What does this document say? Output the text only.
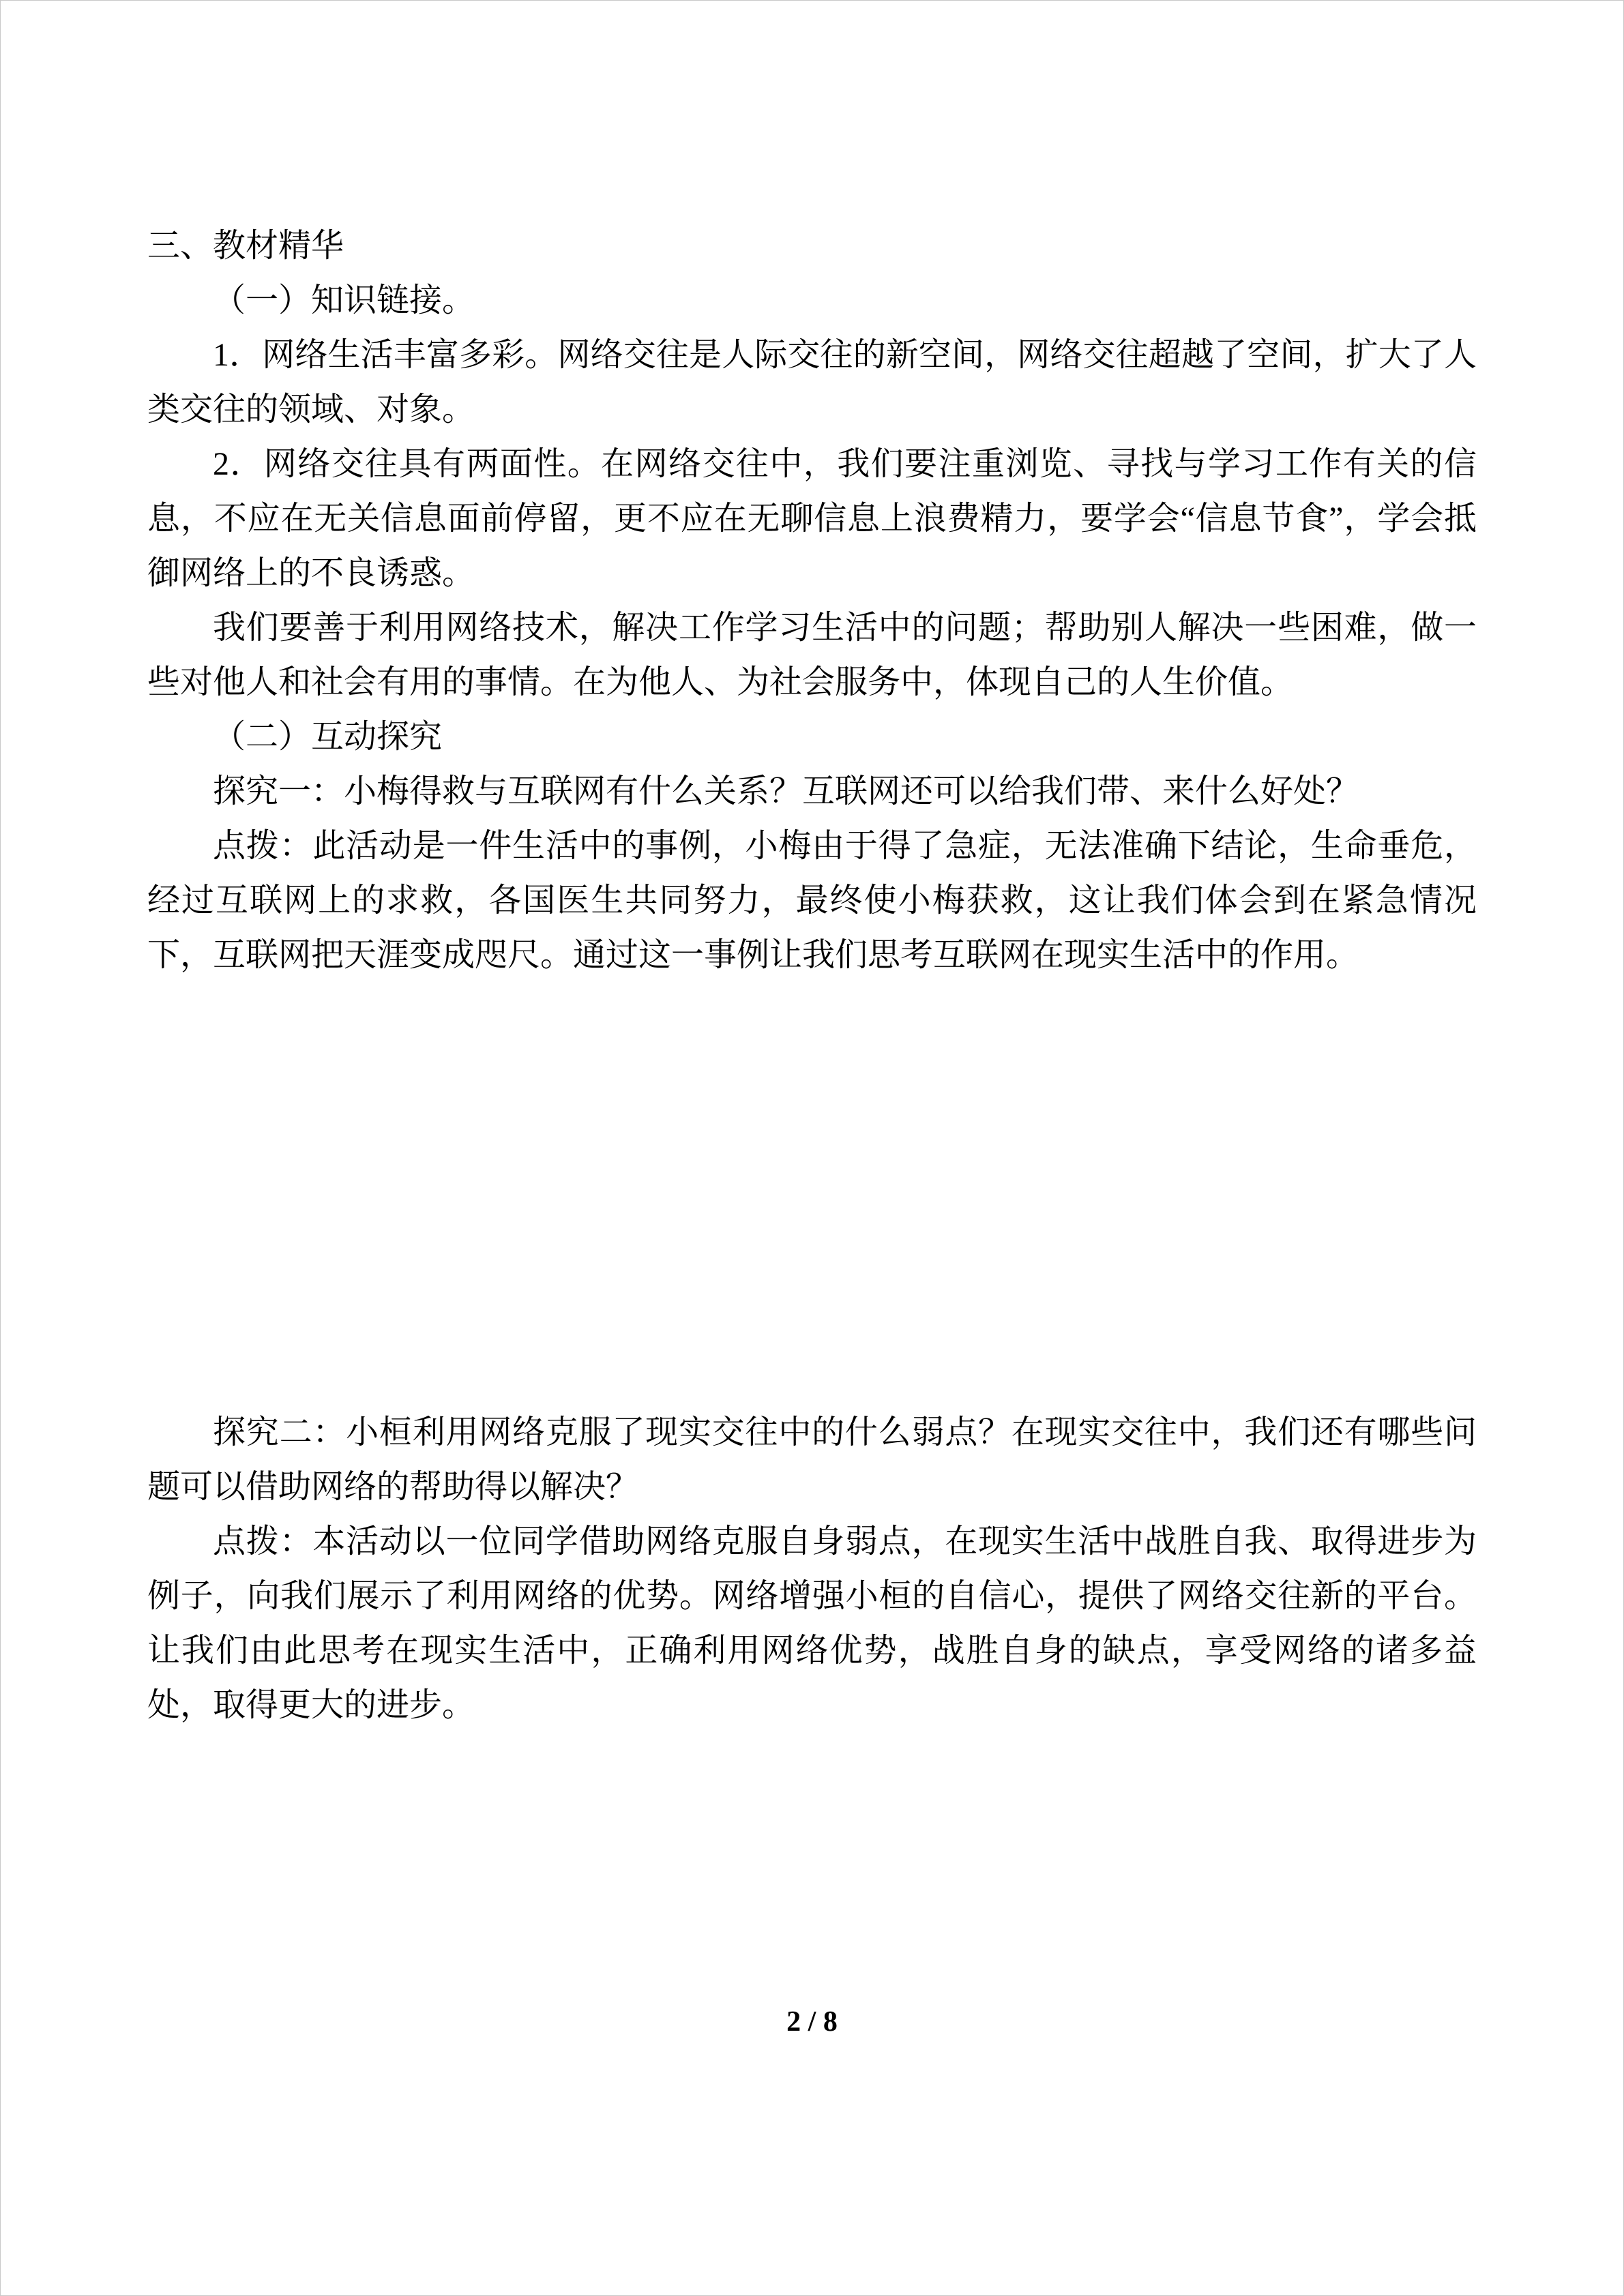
三、教材精华

（一）知识链接。

1．网络生活丰富多彩。网络交往是人际交往的新空间，网络交往超越了空间，扩大了人类交往的领域、对象。

2．网络交往具有两面性。在网络交往中，我们要注重浏览、寻找与学习工作有关的信息，不应在无关信息面前停留，更不应在无聊信息上浪费精力，要学会“信息节食”，学会抵御网络上的不良诱惑。

我们要善于利用网络技术，解决工作学习生活中的问题；帮助别人解决一些困难，做一些对他人和社会有用的事情。在为他人、为社会服务中，体现自己的人生价值。

（二）互动探究

探究一：小梅得救与互联网有什么关系？互联网还可以给我们带、来什么好处？

点拨：此活动是一件生活中的事例，小梅由于得了急症，无法准确下结论，生命垂危，经过互联网上的求救，各国医生共同努力，最终使小梅获救，这让我们体会到在紧急情况下，互联网把天涯变成咫尺。通过这一事例让我们思考互联网在现实生活中的作用。

探究二：小桓利用网络克服了现实交往中的什么弱点？在现实交往中，我们还有哪些问题可以借助网络的帮助得以解决？

点拨：本活动以一位同学借助网络克服自身弱点，在现实生活中战胜自我、取得进步为例子，向我们展示了利用网络的优势。网络增强小桓的自信心，提供了网络交往新的平台。让我们由此思考在现实生活中，正确利用网络优势，战胜自身的缺点，享受网络的诸多益处，取得更大的进步。

2 / 8
